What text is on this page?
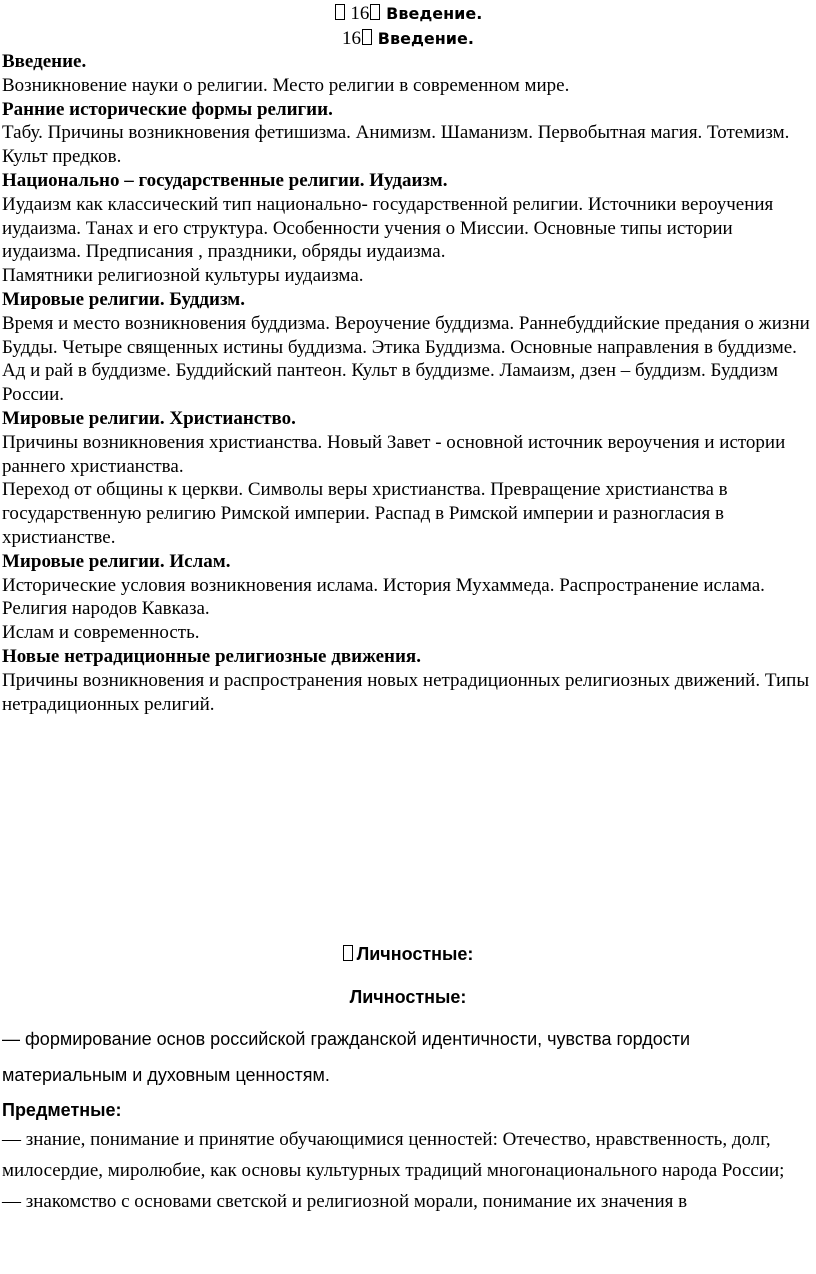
16 Введение.
16 Введение.

Введение.

Возникновение науки о религии. Место религии в современном мире.

Ранние исторические формы религии.

Табу. Причины возникновения фетишизма. Анимизм. Шаманизм. Первобытная магия. Тотемизм. Культ предков.

Национально – государственные религии. Иудаизм.

Иудаизм как классический тип национально- государственной религии. Источники вероучения иудаизма. Танах и его структура. Особенности учения о Миссии. Основные типы истории иудаизма. Предписания , праздники, обряды иудаизма.

Памятники религиозной культуры иудаизма.

Мировые религии. Буддизм.

Время и место возникновения буддизма. Вероучение буддизма. Раннебуддийские предания о жизни Будды. Четыре священных истины буддизма. Этика Буддизма. Основные направления в буддизме. Ад и рай в буддизме. Буддийский пантеон. Культ в буддизме. Ламаизм, дзен – буддизм. Буддизм России.

Мировые религии. Христианство.

Причины возникновения христианства. Новый Завет - основной источник вероучения и истории раннего христианства.

Переход от общины к церкви. Символы веры христианства. Превращение христианства в государственную религию Римской империи. Распад в Римской империи и разногласия в христианстве.

Мировые религии. Ислам.

Исторические условия возникновения ислама. История Мухаммеда. Распространение ислама. Религия народов Кавказа.

Ислам и современность.

Новые нетрадиционные религиозные движения.

Причины возникновения и распространения новых нетрадиционных религиозных движений. Типы нетрадиционных религий.

Личностные:
Личностные:

— формирование основ российской гражданской идентичности, чувства гордости

материальным и духовным ценностям.

Предметные:

— знание, понимание и принятие обучающимися ценностей: Отечество, нравственность, долг,

милосердие, миролюбие, как основы культурных традиций многонационального народа России;

— знакомство с основами светской и религиозной морали, понимание их значения в
